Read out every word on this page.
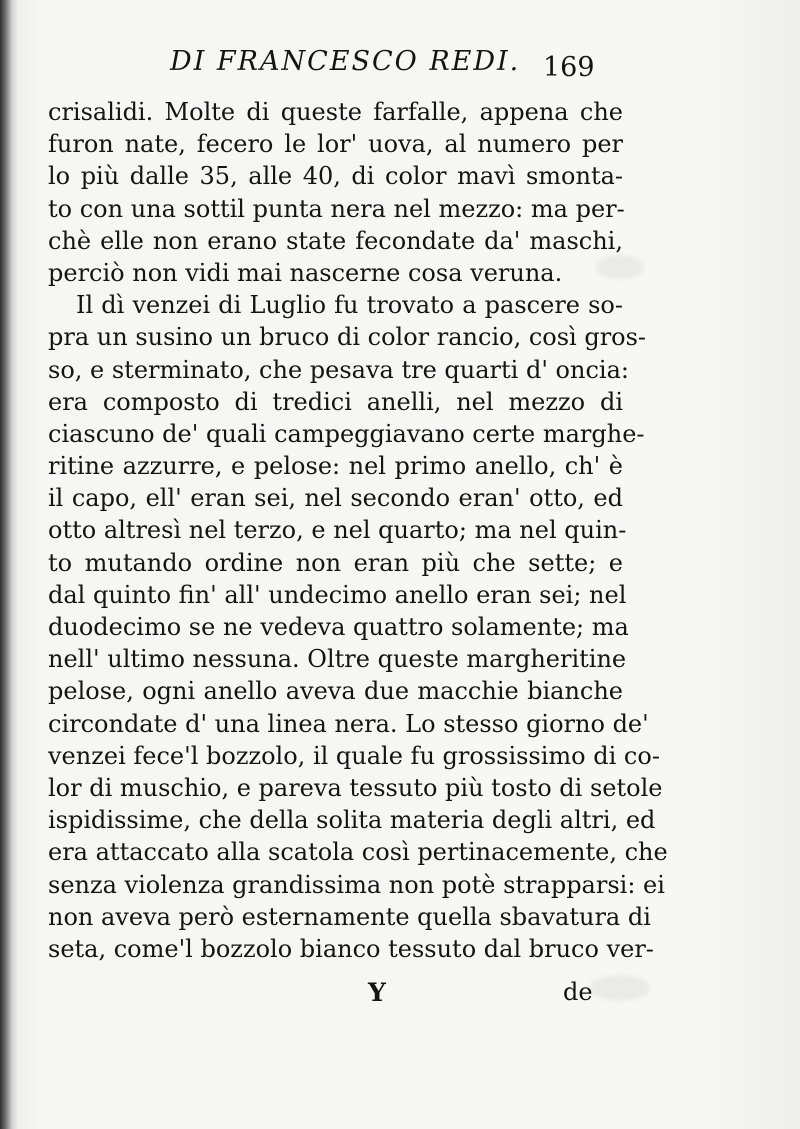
DI FRANCESCO REDI. 169
crisalidi. Molte di queste farfalle, appena che
furon nate, fecero le lor' uova, al numero per
lo più dalle 35, alle 40, di color mavì smonta-
to con una sottil punta nera nel mezzo: ma per-
chè elle non erano state fecondate da' maschi,
perciò non vidi mai nascerne cosa veruna.
Il dì venzei di Luglio fu trovato a pascere so-
pra un susino un bruco di color rancio, così gros-
so, e sterminato, che pesava tre quarti d' oncia:
era composto di tredici anelli, nel mezzo di
ciascuno de' quali campeggiavano certe marghe-
ritine azzurre, e pelose: nel primo anello, ch' è
il capo, ell' eran sei, nel secondo eran' otto, ed
otto altresì nel terzo, e nel quarto; ma nel quin-
to mutando ordine non eran più che sette; e
dal quinto fin' all' undecimo anello eran sei; nel
duodecimo se ne vedeva quattro solamente; ma
nell' ultimo nessuna. Oltre queste margheritine
pelose, ogni anello aveva due macchie bianche
circondate d' una linea nera. Lo stesso giorno de'
venzei fece'l bozzolo, il quale fu grossissimo di co-
lor di muschio, e pareva tessuto più tosto di setole
ispidissime, che della solita materia degli altri, ed
era attaccato alla scatola così pertinacemente, che
senza violenza grandissima non potè strapparsi: ei
non aveva però esternamente quella sbavatura di
seta, come'l bozzolo bianco tessuto dal bruco ver-
Y	de
